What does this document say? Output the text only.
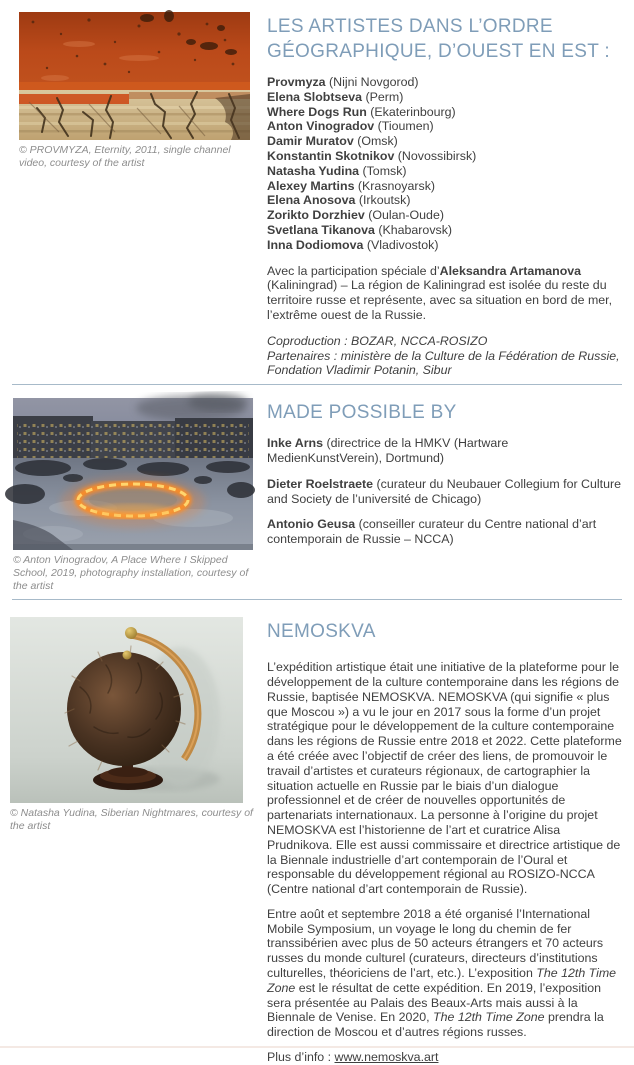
© PROVMYZA, Eternity, 2011, single channel video, courtesy of the artist
LES ARTISTES DANS L’ORDRE GÉOGRAPHIQUE, D’OUEST EN EST :
Provmyza (Nijni Novgorod)
Elena Slobtseva (Perm)
Where Dogs Run (Ekaterinbourg)
Anton Vinogradov (Tioumen)
Damir Muratov (Omsk)
Konstantin Skotnikov (Novossibirsk)
Natasha Yudina (Tomsk)
Alexey Martins (Krasnoyarsk)
Elena Anosova (Irkoutsk)
Zorikto Dorzhiev (Oulan-Oude)
Svetlana Tikanova (Khabarovsk)
Inna Dodiomova (Vladivostok)

Avec la participation spéciale d’Aleksandra Artamanova (Kaliningrad) – La région de Kaliningrad est isolée du reste du territoire russe et représente, avec sa situation en bord de mer, l’extrême ouest de la Russie.

Coproduction : BOZAR, NCCA-ROSIZO
Partenaires : ministère de la Culture de la Fédération de Russie, Fondation Vladimir Potanin, Sibur

© Anton Vinogradov, A Place Where I Skipped School, 2019, photography installation, courtesy of the artist
MADE POSSIBLE BY

Inke Arns (directrice de la HMKV (Hartware MedienKunstVerein), Dortmund)

Dieter Roelstraete (curateur du Neubauer Collegium for Culture and Society de l’université de Chicago)

Antonio Geusa (conseiller curateur du Centre national d’art contemporain de Russie – NCCA)

© Natasha Yudina, Siberian Nightmares, courtesy of the artist
NEMOSKVA

L’expédition artistique était une initiative de la plateforme pour le développement de la culture contemporaine dans les régions de Russie, baptisée NEMOSKVA. NEMOSKVA (qui signifie « plus que Moscou ») a vu le jour en 2017 sous la forme d’un projet stratégique pour le développement de la culture contemporaine dans les régions de Russie entre 2018 et 2022. Cette plateforme a été créée avec l’objectif de créer des liens, de promouvoir le travail d’artistes et curateurs régionaux, de cartographier la situation actuelle en Russie par le biais d’un dialogue professionnel et de créer de nouvelles opportunités de partenariats internationaux. La personne à l’origine du projet NEMOSKVA est l’historienne de l’art et curatrice Alisa Prudnikova. Elle est aussi commissaire et directrice artistique de la Biennale industrielle d’art contemporain de l’Oural et responsable du développement régional au ROSIZO-NCCA (Centre national d’art contemporain de Russie).

Entre août et septembre 2018 a été organisé l’International Mobile Symposium, un voyage le long du chemin de fer transsibérien avec plus de 50 acteurs étrangers et 70 acteurs russes du monde culturel (curateurs, directeurs d’institutions culturelles, théoriciens de l’art, etc.). L’exposition The 12th Time Zone est le résultat de cette expédition. En 2019, l’exposition sera présentée au Palais des Beaux-Arts mais aussi à la Biennale de Venise. En 2020, The 12th Time Zone prendra la direction de Moscou et d’autres régions russes.

Plus d’info : www.nemoskva.art
